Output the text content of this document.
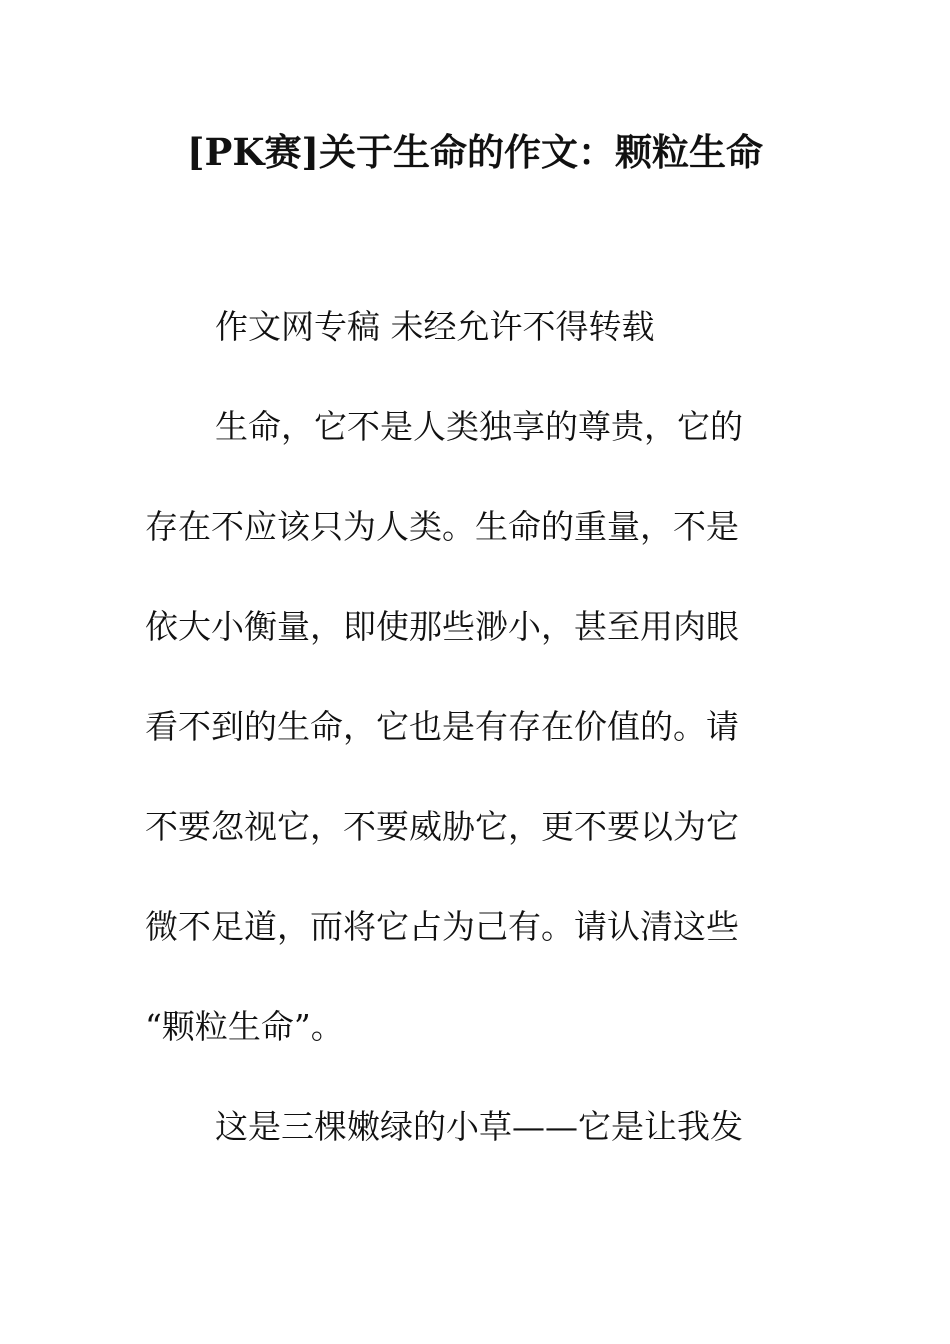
[PK赛]关于生命的作文：颗粒生命
作文网专稿 未经允许不得转载
生命，它不是人类独享的尊贵，它的
存在不应该只为人类。生命的重量，不是
依大小衡量，即使那些渺小，甚至用肉眼
看不到的生命，它也是有存在价值的。请
不要忽视它，不要威胁它，更不要以为它
微不足道，而将它占为己有。请认清这些
“颗粒生命”。
这是三棵嫩绿的小草——它是让我发
